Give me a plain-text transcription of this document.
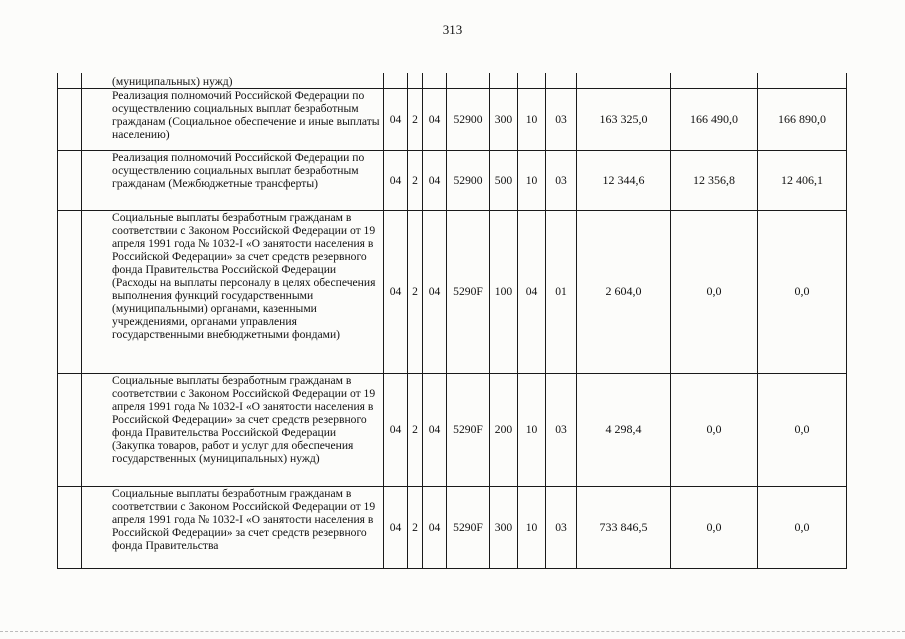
313
	(муниципальных) нужд)										
	Реализация полномочий Российской Федерации по осуществлению социальных выплат безработным гражданам (Социальное обеспечение и иные выплаты населению)	04	2	04	52900	300	10	03	163 325,0	166 490,0	166 890,0
	Реализация полномочий Российской Федерации по осуществлению социальных выплат безработным гражданам (Межбюджетные трансферты)	04	2	04	52900	500	10	03	12 344,6	12 356,8	12 406,1
	Социальные выплаты безработным гражданам в соответствии с Законом Российской Федерации от 19 апреля 1991 года № 1032-I «О занятости населения в Российской Федерации» за счет средств резервного фонда Правительства Российской Федерации (Расходы на выплаты персоналу в целях обеспечения выполнения функций государственными (муниципальными) органами, казенными учреждениями, органами управления государственными внебюджетными фондами)	04	2	04	5290F	100	04	01	2 604,0	0,0	0,0
	Социальные выплаты безработным гражданам в соответствии с Законом Российской Федерации от 19 апреля 1991 года № 1032-I «О занятости населения в Российской Федерации» за счет средств резервного фонда Правительства Российской Федерации (Закупка товаров, работ и услуг для обеспечения государственных (муниципальных) нужд)	04	2	04	5290F	200	10	03	4 298,4	0,0	0,0
	Социальные выплаты безработным гражданам в соответствии с Законом Российской Федерации от 19 апреля 1991 года № 1032-I «О занятости населения в Российской Федерации» за счет средств резервного фонда Правительства	04	2	04	5290F	300	10	03	733 846,5	0,0	0,0
